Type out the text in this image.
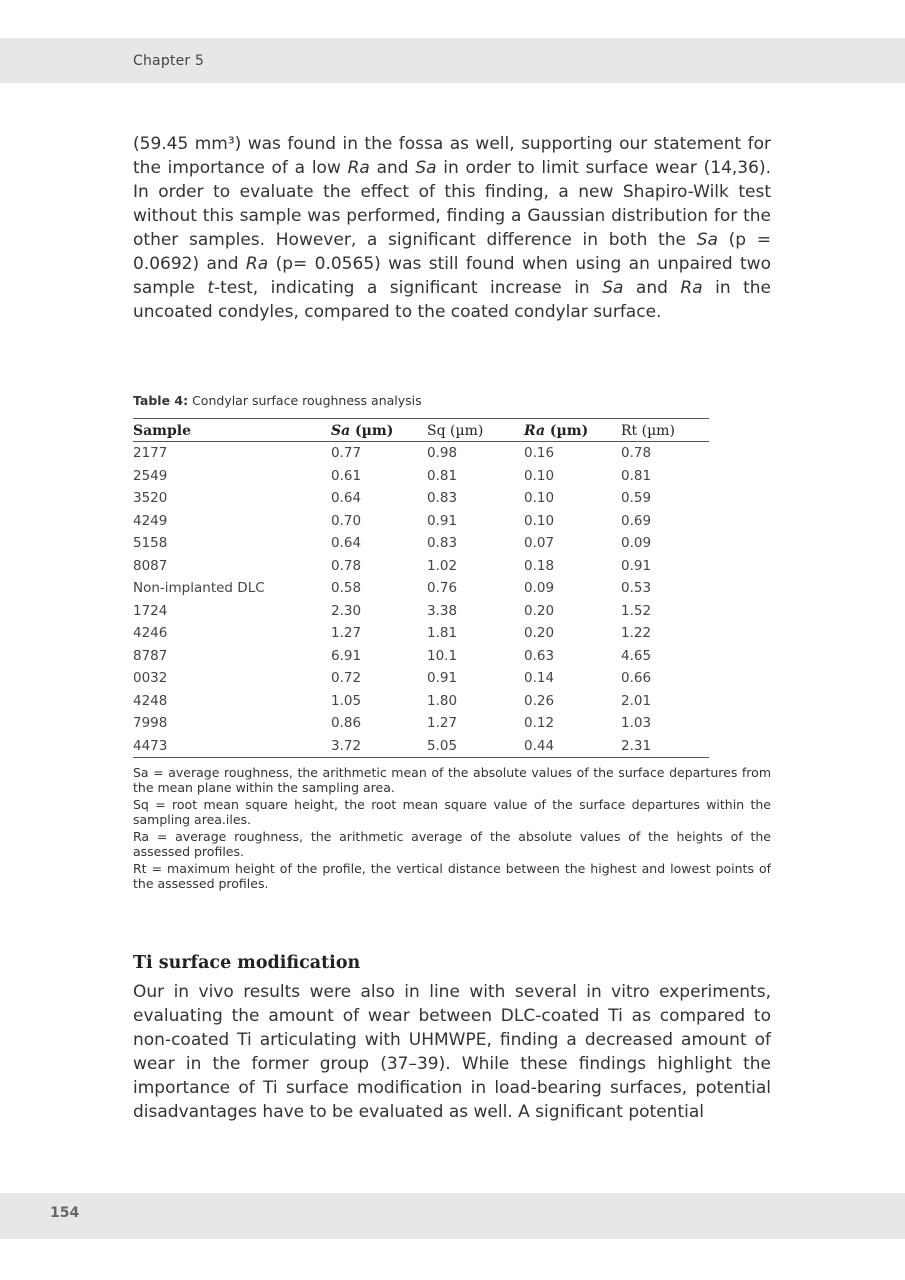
Chapter 5

(59.45 mm³) was found in the fossa as well, supporting our statement for the importance of a low Ra and Sa in order to limit surface wear (14,36). In order to evaluate the effect of this finding, a new Shapiro-Wilk test without this sample was performed, finding a Gaussian distribution for the other samples. However, a significant difference in both the Sa (p = 0.0692) and Ra (p= 0.0565) was still found when using an unpaired two sample t-test, indicating a significant increase in Sa and Ra in the uncoated condyles, compared to the coated condylar surface.

Table 4: Condylar surface roughness analysis
Sample	Sa (µm)	Sq (µm)	Ra (µm)	Rt (µm)
2177	0.77	0.98	0.16	0.78
2549	0.61	0.81	0.10	0.81
3520	0.64	0.83	0.10	0.59
4249	0.70	0.91	0.10	0.69
5158	0.64	0.83	0.07	0.09
8087	0.78	1.02	0.18	0.91
Non-implanted DLC	0.58	0.76	0.09	0.53
1724	2.30	3.38	0.20	1.52
4246	1.27	1.81	0.20	1.22
8787	6.91	10.1	0.63	4.65
0032	0.72	0.91	0.14	0.66
4248	1.05	1.80	0.26	2.01
7998	0.86	1.27	0.12	1.03
4473	3.72	5.05	0.44	2.31

Sa = average roughness, the arithmetic mean of the absolute values of the surface departures from the mean plane within the sampling area.

Sq = root mean square height, the root mean square value of the surface departures within the sampling area.iles.

Ra = average roughness, the arithmetic average of the absolute values of the heights of the assessed profiles.

Rt = maximum height of the profile, the vertical distance between the highest and lowest points of the assessed profiles.

Ti surface modification

Our in vivo results were also in line with several in vitro experiments, evaluating the amount of wear between DLC-coated Ti as compared to non-coated Ti articulating with UHMWPE, finding a decreased amount of wear in the former group (37–39). While these findings highlight the importance of Ti surface modification in load-bearing surfaces, potential disadvantages have to be evaluated as well. A significant potential

154
